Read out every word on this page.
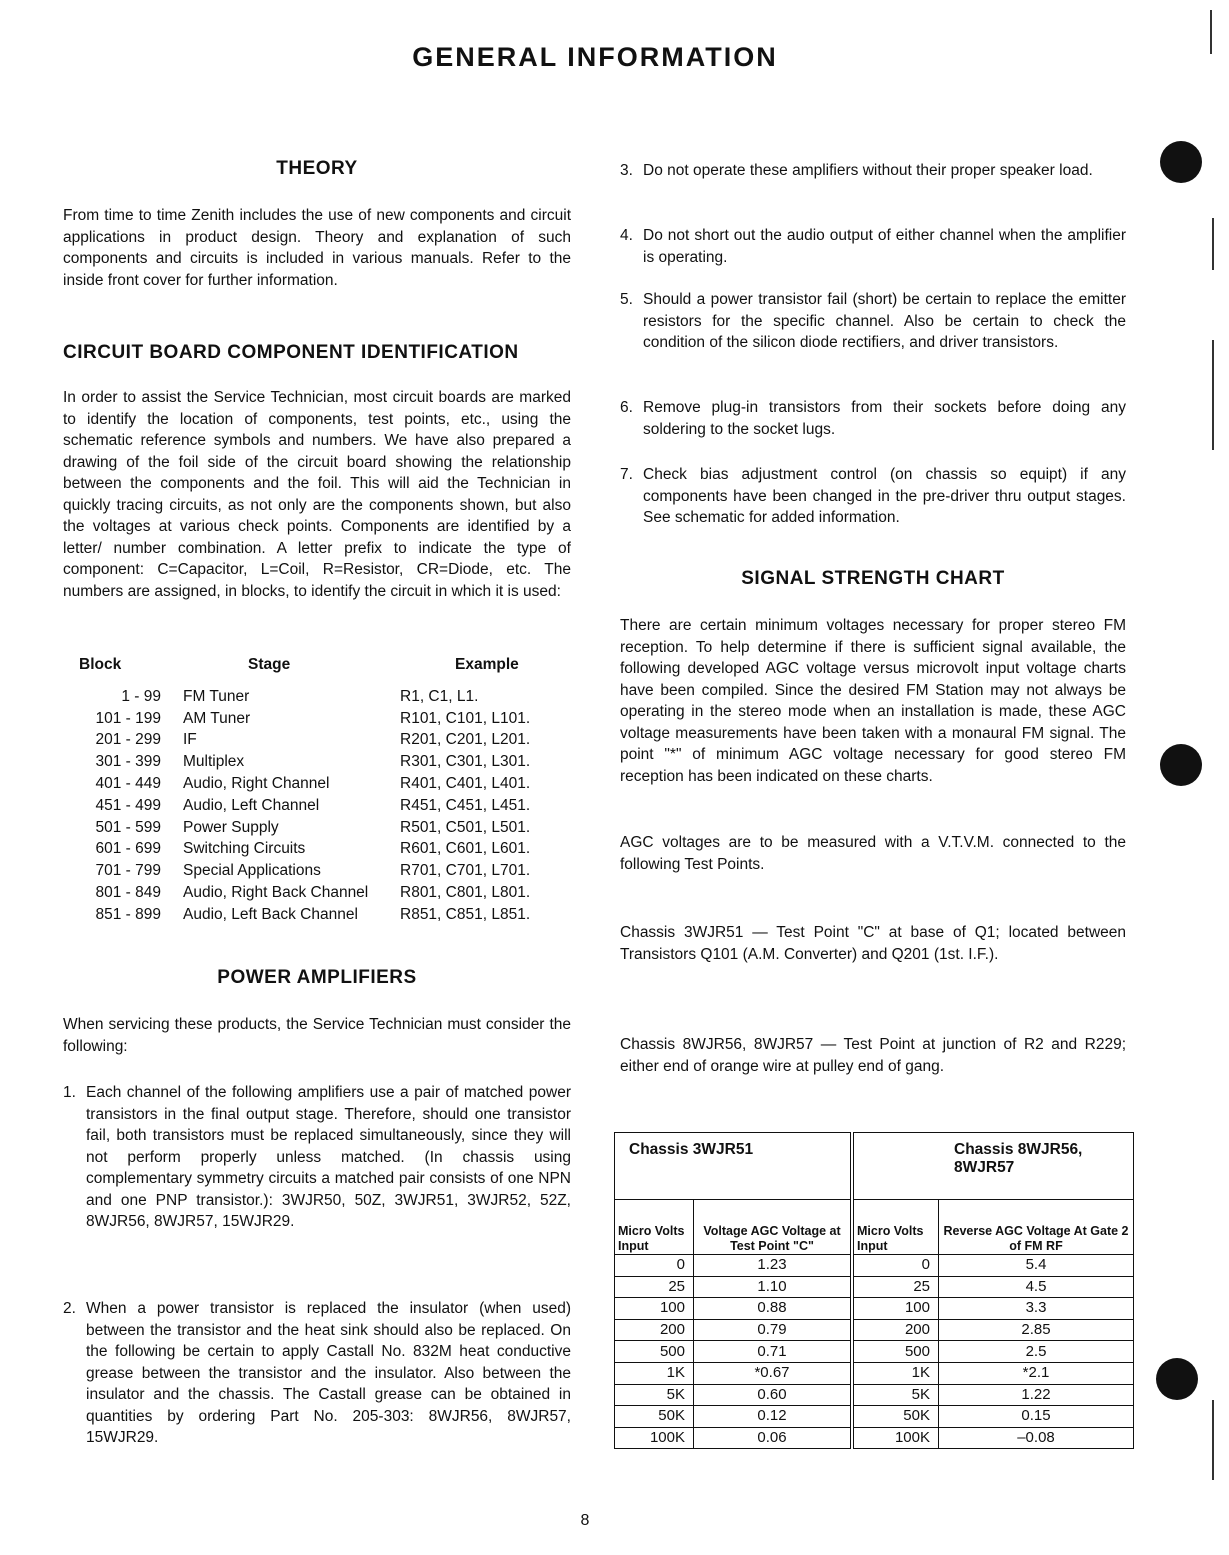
GENERAL INFORMATION
THEORY

From time to time Zenith includes the use of new components and circuit applications in product design. Theory and explanation of such components and circuits is included in various manuals. Refer to the inside front cover for further information.

CIRCUIT BOARD COMPONENT IDENTIFICATION

In order to assist the Service Technician, most circuit boards are marked to identify the location of components, test points, etc., using the schematic reference symbols and numbers. We have also prepared a drawing of the foil side of the circuit board showing the relationship between the components and the foil. This will aid the Technician in quickly tracing circuits, as not only are the components shown, but also the voltages at various check points. Components are identified by a letter/ number combination. A letter prefix to indicate the type of component: C=Capacitor, L=Coil, R=Resistor, CR=Diode, etc. The numbers are assigned, in blocks, to identify the circuit in which it is used:

Block	Stage	Example
1 - 99	FM Tuner	R1, C1, L1.
101 - 199	AM Tuner	R101, C101, L101.
201 - 299	IF	R201, C201, L201.
301 - 399	Multiplex	R301, C301, L301.
401 - 449	Audio, Right Channel	R401, C401, L401.
451 - 499	Audio, Left Channel	R451, C451, L451.
501 - 599	Power Supply	R501, C501, L501.
601 - 699	Switching Circuits	R601, C601, L601.
701 - 799	Special Applications	R701, C701, L701.
801 - 849	Audio, Right Back Channel	R801, C801, L801.
851 - 899	Audio, Left Back Channel	R851, C851, L851.
POWER AMPLIFIERS

When servicing these products, the Service Technician must consider the following:

1. Each channel of the following amplifiers use a pair of matched power transistors in the final output stage. Therefore, should one transistor fail, both transistors must be replaced simultaneously, since they will not perform properly unless matched. (In chassis using complementary symmetry circuits a matched pair consists of one NPN and one PNP transistor.): 3WJR50, 50Z, 3WJR51, 3WJR52, 52Z, 8WJR56, 8WJR57, 15WJR29.
2. When a power transistor is replaced the insulator (when used) between the transistor and the heat sink should also be replaced. On the following be certain to apply Castall No. 832M heat conductive grease between the transistor and the insulator. Also between the insulator and the chassis. The Castall grease can be obtained in quantities by ordering Part No. 205-303: 8WJR56, 8WJR57, 15WJR29.
3. Do not operate these amplifiers without their proper speaker load.
4. Do not short out the audio output of either channel when the amplifier is operating.
5. Should a power transistor fail (short) be certain to replace the emitter resistors for the specific channel. Also be certain to check the condition of the silicon diode rectifiers, and driver transistors.
6. Remove plug-in transistors from their sockets before doing any soldering to the socket lugs.
7. Check bias adjustment control (on chassis so equipt) if any components have been changed in the pre-driver thru output stages. See schematic for added information.
SIGNAL STRENGTH CHART

There are certain minimum voltages necessary for proper stereo FM reception. To help determine if there is sufficient signal available, the following developed AGC voltage versus microvolt input voltage charts have been compiled. Since the desired FM Station may not always be operating in the stereo mode when an installation is made, these AGC voltage measurements have been taken with a monaural FM signal. The point "*" of minimum AGC voltage necessary for good stereo FM reception has been indicated on these charts.

AGC voltages are to be measured with a V.T.V.M. connected to the following Test Points.

Chassis 3WJR51 — Test Point "C" at base of Q1; located between Transistors Q101 (A.M. Converter) and Q201 (1st. I.F.).

Chassis 8WJR56, 8WJR57 — Test Point at junction of R2 and R229; either end of orange wire at pulley end of gang.

Chassis 3WJR51		Chassis 8WJR56, 8WJR57	
Micro Volts Input	Voltage AGC Voltage at Test Point "C"	Micro Volts Input	Reverse AGC Voltage At Gate 2 of FM RF
0	1.23	0	5.4
25	1.10	25	4.5
100	0.88	100	3.3
200	0.79	200	2.85
500	0.71	500	2.5
1K	*0.67	1K	*2.1
5K	0.60	5K	1.22
50K	0.12	50K	0.15
100K	0.06	100K	–0.08
8
